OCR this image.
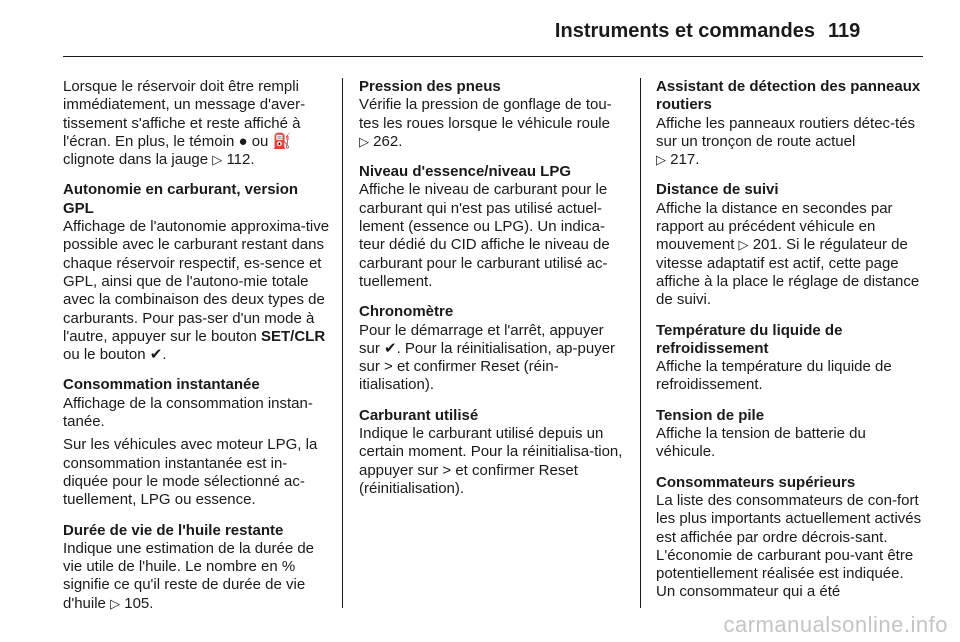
Instruments et commandes 119

Lorsque le réservoir doit être rempli immédiatement, un message d'aver-tissement s'affiche et reste affiché à l'écran. En plus, le témoin ● ou ⛽ clignote dans la jauge ▷ 112.

Autonomie en carburant, version GPL
Affichage de l'autonomie approxima-tive possible avec le carburant restant dans chaque réservoir respectif, es-sence et GPL, ainsi que de l'autono-mie totale avec la combinaison des deux types de carburants. Pour pas-ser d'un mode à l'autre, appuyer sur le bouton SET/CLR ou le bouton ✔.

Consommation instantanée
Affichage de la consommation instan-tanée.

Sur les véhicules avec moteur LPG, la consommation instantanée est in-diquée pour le mode sélectionné ac-tuellement, LPG ou essence.

Durée de vie de l'huile restante
Indique une estimation de la durée de vie utile de l'huile. Le nombre en % signifie ce qu'il reste de durée de vie d'huile ▷ 105.

Pression des pneus
Vérifie la pression de gonflage de tou-tes les roues lorsque le véhicule roule
▷ 262.

Niveau d'essence/niveau LPG
Affiche le niveau de carburant pour le carburant qui n'est pas utilisé actuel-lement (essence ou LPG). Un indica-teur dédié du CID affiche le niveau de carburant pour le carburant utilisé ac-tuellement.

Chronomètre
Pour le démarrage et l'arrêt, appuyer sur ✔. Pour la réinitialisation, ap-puyer sur > et confirmer Reset (réin-itialisation).

Carburant utilisé
Indique le carburant utilisé depuis un certain moment. Pour la réinitialisa-tion, appuyer sur > et confirmer Reset (réinitialisation).

Assistant de détection des panneaux routiers
Affiche les panneaux routiers détec-tés sur un tronçon de route actuel
▷ 217.

Distance de suivi
Affiche la distance en secondes par rapport au précédent véhicule en mouvement ▷ 201. Si le régulateur de vitesse adaptatif est actif, cette page affiche à la place le réglage de distance de suivi.

Température du liquide de refroidissement
Affiche la température du liquide de refroidissement.

Tension de pile
Affiche la tension de batterie du véhicule.

Consommateurs supérieurs
La liste des consommateurs de con-fort les plus importants actuellement activés est affichée par ordre décrois-sant. L'économie de carburant pou-vant être potentiellement réalisée est indiquée. Un consommateur qui a été

carmanualsonline.info
